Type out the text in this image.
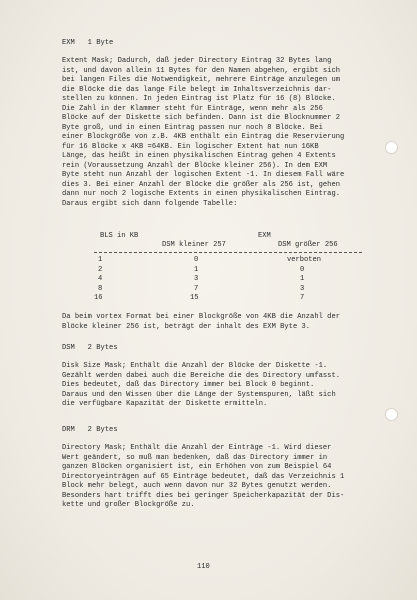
EXM   1 Byte
Extent Mask; Dadurch, daß jeder Directory Eintrag 32 Bytes lang
ist, und davon allein 11 Bytes für den Namen abgehen, ergibt sich
bei langen Files die Notwendigkeit, mehrere Einträge anzulegen um
die Blöcke die das lange File belegt im Inhaltsverzeichnis dar-
stellen zu können. In jeden Eintrag ist Platz für 16 (8) Blöcke.
Die Zahl in der Klammer steht für Einträge, wenn mehr als 256
Blöcke auf der Diskette sich befinden. Dann ist die Blocknummer 2
Byte groß, und in einen Eintrag passen nur noch 8 Blöcke. Bei
einer Blockgröße von z.B. 4KB enthält ein Eintrag die Reservierung
für 16 Blöcke x 4KB =64KB. Ein logischer Extent hat nun 16KB
Länge, das heißt in einen physikalischen Eintrag gehen 4 Extents
rein (Voraussetzung Anzahl der Blöcke kleiner 256). In dem EXM
Byte steht nun Anzahl der logischen Extent -1. In diesem Fall wäre
dies 3. Bei einer Anzahl der Blöcke die größer als 256 ist, gehen
dann nur noch 2 logische Extents in einen physikalischen Eintrag.
Daraus ergibt sich dann folgende Tabelle:
BLS in KB	EXM
DSM kleiner 257	DSM größer 256
1	0	verboten
2	1	0
4	3	1
8	7	3
16	15	7
Da beim vortex Format bei einer Blockgröße von 4KB die Anzahl der
Blöcke kleiner 256 ist, beträgt der inhalt des EXM Byte 3.
DSM   2 Bytes
Disk Size Mask; Enthält die Anzahl der Blöcke der Diskette -1.
Gezählt werden dabei auch die Bereiche die des Directory umfasst.
Dies bedeutet, daß das Directory immer bei Block 0 beginnt.
Daraus und den Wissen über die Länge der Systemspuren, läßt sich
die verfügbare Kapazität der Diskette ermitteln.
DRM   2 Bytes
Directory Mask; Enthält die Anzahl der Einträge -1. Wird dieser
Wert geändert, so muß man bedenken, daß das Directory immer in
ganzen Blöcken organisiert ist, ein Erhöhen von zum Beispiel 64
Directoryeinträgen auf 65 Einträge bedeutet, daß das Verzeichnis 1
Block mehr belegt, auch wenn davon nur 32 Bytes genutzt werden.
Besonders hart trifft dies bei geringer Speicherkapazität der Dis-
kette und großer Blockgröße zu.
110
